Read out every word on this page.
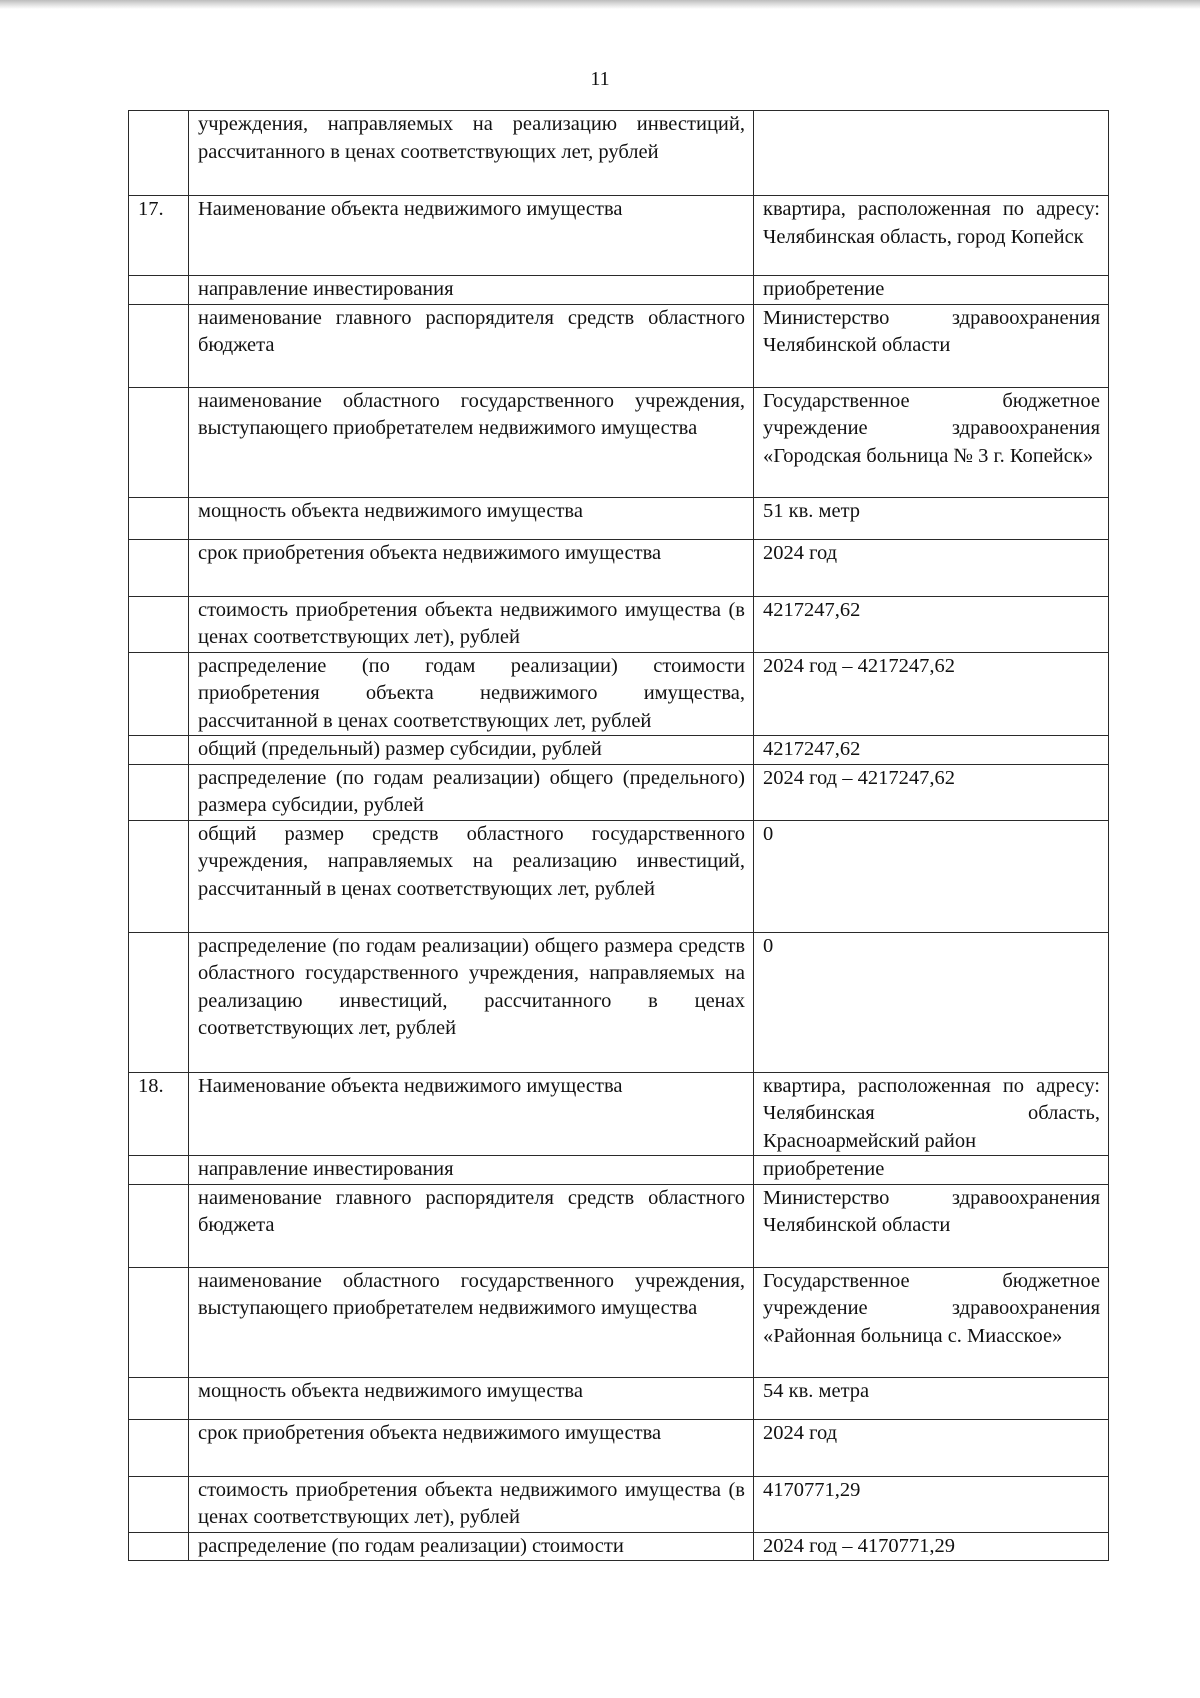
11
	учреждения, направляемых на реализацию инвестиций, рассчитанного в ценах соответствующих лет, рублей	
17.	Наименование объекта недвижимого имущества	квартира, расположенная по адресу: Челябинская область, город Копейск
	направление инвестирования	приобретение
	наименование главного распорядителя средств областного бюджета	Министерство здравоохранения Челябинской области
	наименование областного государственного учреждения, выступающего приобретателем недвижимого имущества	Государственное бюджетное учреждение здравоохранения «Городская больница № 3 г. Копейск»
	мощность объекта недвижимого имущества	51 кв. метр
	срок приобретения объекта недвижимого имущества	2024 год
	стоимость приобретения объекта недвижимого имущества (в ценах соответствующих лет), рублей	4217247,62
	распределение (по годам реализации) стоимости приобретения объекта недвижимого имущества, рассчитанной в ценах соответствующих лет, рублей	2024 год – 4217247,62
	общий (предельный) размер субсидии, рублей	4217247,62
	распределение (по годам реализации) общего (предельного) размера субсидии, рублей	2024 год – 4217247,62
	общий размер средств областного государственного учреждения, направляемых на реализацию инвестиций, рассчитанный в ценах соответствующих лет, рублей	0
	распределение (по годам реализации) общего размера средств областного государственного учреждения, направляемых на реализацию инвестиций, рассчитанного в ценах соответствующих лет, рублей	0
18.	Наименование объекта недвижимого имущества	квартира, расположенная по адресу: Челябинская область, Красноармейский район
	направление инвестирования	приобретение
	наименование главного распорядителя средств областного бюджета	Министерство здравоохранения Челябинской области
	наименование областного государственного учреждения, выступающего приобретателем недвижимого имущества	Государственное бюджетное учреждение здравоохранения «Районная больница с. Миасское»
	мощность объекта недвижимого имущества	54 кв. метра
	срок приобретения объекта недвижимого имущества	2024 год
	стоимость приобретения объекта недвижимого имущества (в ценах соответствующих лет), рублей	4170771,29
	распределение (по годам реализации) стоимости	2024 год – 4170771,29
